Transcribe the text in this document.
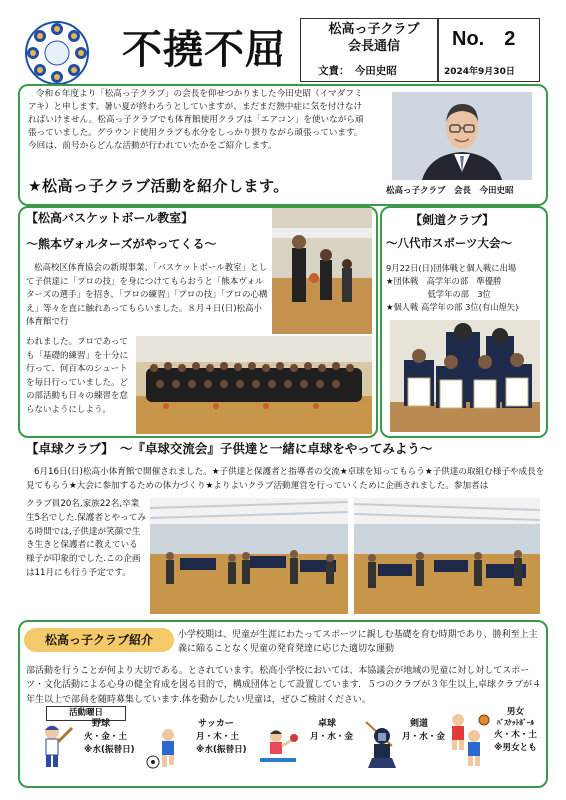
不撓不屈	松高っ子クラブ
会長通信
文責：　今田史昭
No.　2
2024年9月30日

令和６年度より「松高っ子クラブ」の会長を仰せつかりました今田史昭（イマダフミアキ）と申します。暑い夏が終わろうとしていますが、まだまだ熱中症に気を付けなければいけません。松高っ子クラブでも体育館使用クラブは「エアコン」を使いながら頑張っていました。グラウンド使用クラブも水分をしっかり摂りながら頑張っています。今回は、前号からどんな活動が行われていたかをご紹介します。

★松高っ子クラブ活動を紹介します。	松高っ子クラブ　会長　今田史昭
【松高バスケットボール教室】
～熊本ヴォルターズがやってくる～

松高校区体育協会の新規事業、「バスケットボール教室」として子供達に「プロの技」を身につけてもらおうと「熊本ヴォルターズの選手」を招き、「プロの練習」「プロの技」「プロの心構え」等々を直に触れあってもらいました。８月４日(日)松高小体育館で行

われました。プロであっても「基礎的練習」を十分に行って、何百本のシュートを毎日行っていました。どの部活動も日々の練習を怠らないようにしよう。

【剣道クラブ】
～八代市スポーツ大会～
9月22日(日)団体戦と個人戦に出場
★団体戦　高学年の部　準優勝
　　　　　低学年の部　3位
★個人戦 高学年の部 3位(有山煌矢)
【卓球クラブ】　～『卓球交流会』子供達と一緒に卓球をやってみよう～

6月16日(日)松高小体育館で開催されました。★子供達と保護者と指導者の交流★卓球を知ってもらう★子供達の取組む様子や成長を見てもらう★大会に参加するための体力づくり★よりよいクラブ活動運営を行っていくために企画されました。参加者は

クラブ員20名,家族22名,卒業生5名でした.保護者とやってみる時間では,子供達が笑顔で生き生きと保護者に教えている様子が印象的でした.この企画は11月にも行う予定です。

松高っ子クラブ紹介	小学校期は、児童が生涯にわたってスポーツに親しむ基礎を育む時期であり、勝利至上主義に陥ることなく児童の発育発達に応じた適切な運動

部活動を行うことが何より大切である。とされています。松高小学校においては、本協議会が地域の児童に対し対してスポーツ・文化活動による心身の健全育成を図る目的で，構成団体として設置しています．５つのクラブが３年生以上,卓球クラブが４年生以上で部員を随時募集しています.体を動かしたい児童は，ぜひご検討ください。

活動曜日
野球
火・金・土
※水(振替日)
サッカー
月・木・土
※水(振替日)
卓球
月・水・金
剣道
月・水・金
男女
ﾊﾞｽｹｯﾄﾎﾞｰﾙ
火・木・土
※男女とも
